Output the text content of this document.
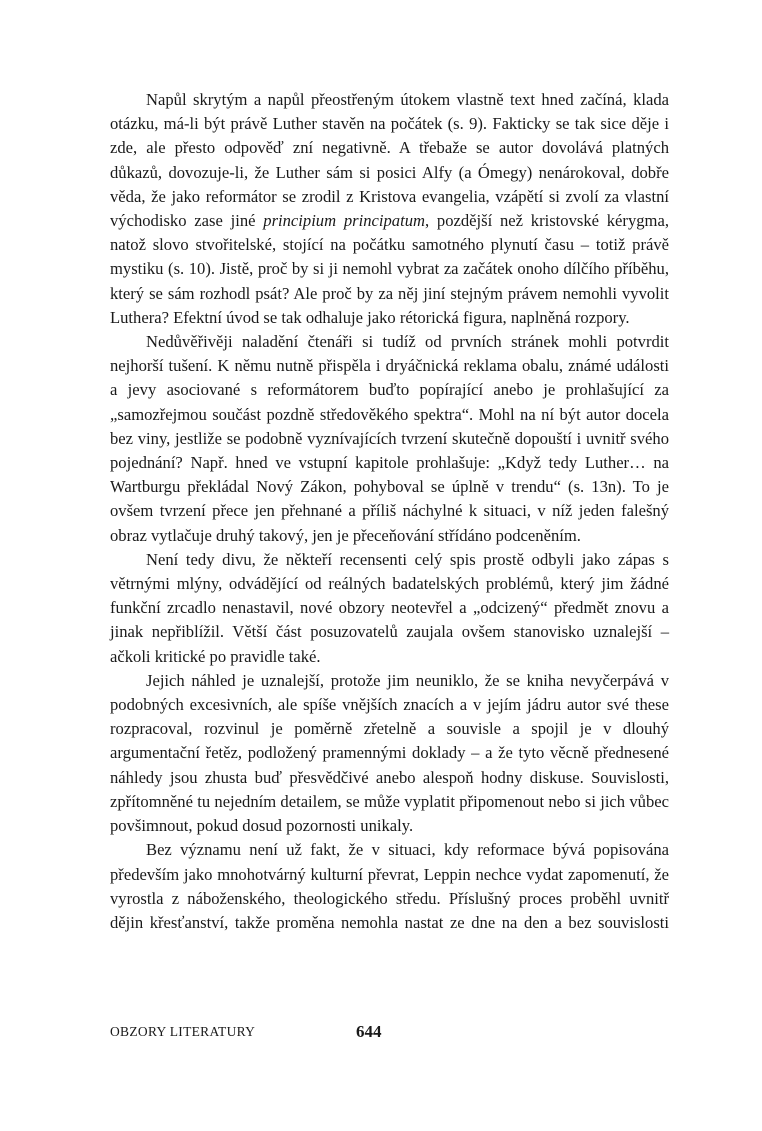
Napůl skrytým a napůl přeostřeným útokem vlastně text hned začíná, klada otázku, má-li být právě Luther stavěn na počátek (s. 9). Fakticky se tak sice děje i zde, ale přesto odpověď zní negativně. A třebaže se autor dovolává platných důkazů, dovozuje-li, že Luther sám si posici Alfy (a Ómegy) nenárokoval, dobře věda, že jako reformátor se zrodil z Kristova evangelia, vzápětí si zvolí za vlastní východisko zase jiné principium principatum, pozdější než kristovské kérygma, natož slovo stvořitelské, stojící na počátku samotného plynutí času – totiž právě mystiku (s. 10). Jistě, proč by si ji nemohl vybrat za začátek onoho dílčího příběhu, který se sám rozhodl psát? Ale proč by za něj jiní stejným právem nemohli vyvolit Luthera? Efektní úvod se tak odhaluje jako rétorická figura, naplněná rozpory.

Nedůvěřivěji naladění čtenáři si tudíž od prvních stránek mohli potvrdit nejhorší tušení. K němu nutně přispěla i dryáčnická reklama obalu, známé události a jevy asociované s reformátorem buďto popírající anebo je prohlašující za „samozřejmou součást pozdně středověkého spektra“. Mohl na ní být autor docela bez viny, jestliže se podobně vyznívajících tvrzení skutečně dopouští i uvnitř svého pojednání? Např. hned ve vstupní kapitole prohlašuje: „Když tedy Luther… na Wartburgu překládal Nový Zákon, pohyboval se úplně v trendu“ (s. 13n). To je ovšem tvrzení přece jen přehnané a příliš náchylné k situaci, v níž jeden falešný obraz vytlačuje druhý takový, jen je přeceňování střídáno podceněním.

Není tedy divu, že někteří recensenti celý spis prostě odbyli jako zápas s větrnými mlýny, odvádějící od reálných badatelských problémů, který jim žádné funkční zrcadlo nenastavil, nové obzory neotevřel a „odcizený“ předmět znovu a jinak nepřiblížil. Větší část posuzovatelů zaujala ovšem stanovisko uznalejší – ačkoli kritické po pravidle také.

Jejich náhled je uznalejší, protože jim neuniklo, že se kniha nevyčerpává v podobných excesivních, ale spíše vnějších znacích a v jejím jádru autor své these rozpracoval, rozvinul je poměrně zřetelně a souvisle a spojil je v dlouhý argumentační řetěz, podložený pramennými doklady – a že tyto věcně přednesené náhledy jsou zhusta buď přesvědčivé anebo alespoň hodny diskuse. Souvislosti, zpřítomněné tu nejedním detailem, se může vyplatit připomenout nebo si jich vůbec povšimnout, pokud dosud pozornosti unikaly.

Bez významu není už fakt, že v situaci, kdy reformace bývá popisována především jako mnohotvárný kulturní převrat, Leppin nechce vydat zapomenutí, že vyrostla z náboženského, theologického středu. Příslušný proces proběhl uvnitř dějin křesťanství, takže proměna nemohla nastat ze dne na den a bez souvislosti

OBZORY LITERATURY	644
